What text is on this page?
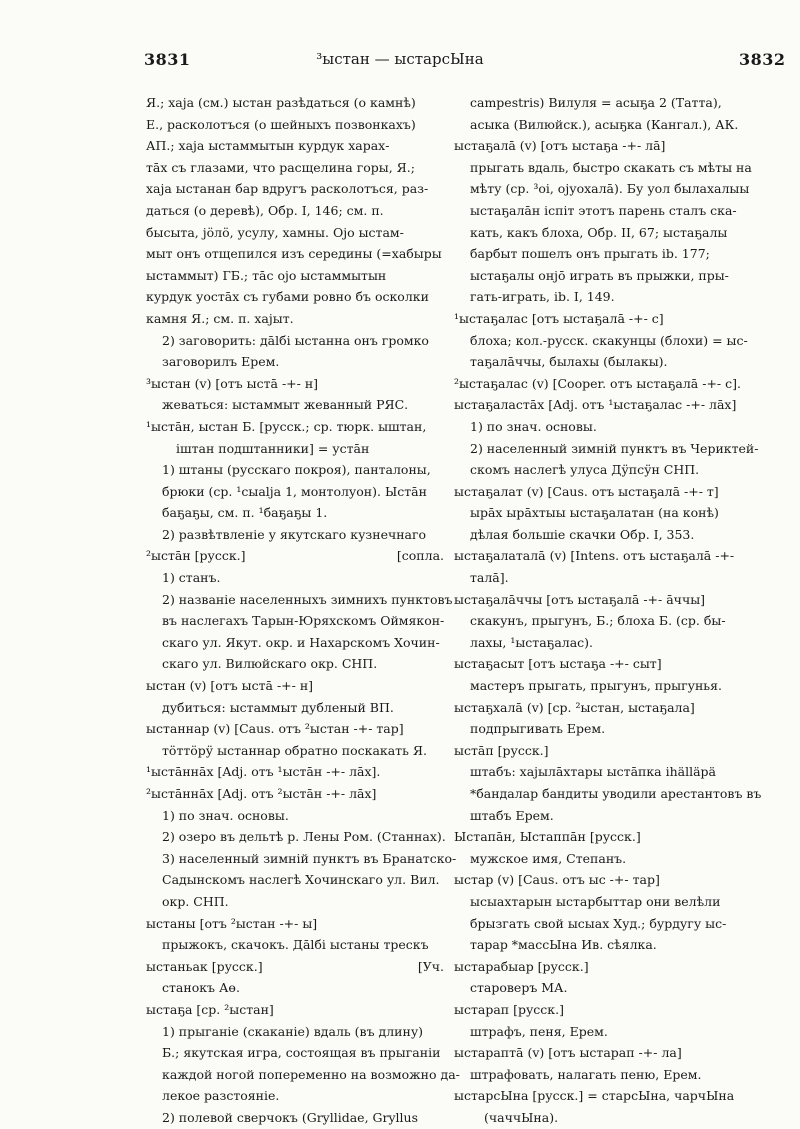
3831	³ыстан — ыстарсЫна	3832
Я.; хаја (см.) ыстан разѣдаться (о камнѣ)
Е., расколотъся (о шейныхъ позвонкахъ)
АП.; хаја ыстаммытын курдук харах-
тāх съ глазами, что расщелина горы, Я.;
хаја ыстанан бар вдругъ расколотъся, раз-
даться (о деревѣ), Обр. I, 146; см. п.
бысыта, јӧлӧ, усулу, хамны. Ојо ыстам-
мыт онъ отщепился изъ середины (=хабыры
ыстаммыт) ГБ.; тāс ојо ыстаммытын
курдук уостāх съ губами ровно бъ осколки
камня Я.; см. п. хајыт.
2) заговорить: дālбi ыстанна онъ громко
заговорилъ Ерем.
³ыстан (v) [отъ ыстā -+- н]
жеваться: ыстаммыт жеванный РЯС.
¹ыстāн, ыстан Б. [русск.; ср. тюрк. ыштан,
іштан подштанники] = устāн
1) штаны (русскаго покроя), панталоны,
брюки (ср. ¹сыаlја 1, монтолуон). Ыстāн
баҕаҕы, см. п. ¹баҕаҕы 1.
2) развѣтвленіе у якутскаго кузнечнаго
²ыстāн [русск.]	[сопла.
1) станъ.
2) названіе населенныхъ зимнихъ пунктовъ
въ наслегахъ Тарын-Юряхскомъ Оймякон-
скаго ул. Якут. окр. и Нахарскомъ Хочин-
скаго ул. Вилюйскаго окр. СНП.
ыстан (v) [отъ ыстā -+- н]
дубиться: ыстаммыт дубленый ВП.
ыстаннар (v) [Caus. отъ ²ыстан -+- тар]
тӧттӧрӱ ыстаннар обратно поскакать Я.
¹ыстāннāх [Adj. отъ ¹ыстāн -+- лāх].
²ыстāннāх [Adj. отъ ²ыстāн -+- лāх]
1) по знач. основы.
2) озеро въ дельтѣ р. Лены Ром. (Станнах).
3) населенный зимній пунктъ въ Бранатско-
Садынскомъ наслегѣ Хочинскаго ул. Вил.
окр. СНП.
ыстаны [отъ ²ыстан -+- ы]
прыжокъ, скачокъ. Дālбi ыстаны трескъ
ыстаньак [русск.]	[Уч.
станокъ Аө.
ыстаҕа [ср. ²ыстан]
1) прыганіе (скаканіе) вдаль (въ длину)
Б.; якутская игра, состоящая въ прыганіи
каждой ногой попеременно на возможно да-
лекое разстояніе.
2) полевой сверчокъ (Gryllidae, Gryllus
campestris) Вилуля = асыҕа 2 (Татта),
асыка (Вилюйск.), асыҕка (Кангал.), АК.
ыстаҕалā (v) [отъ ыстаҕа -+- лā]
прыгать вдаль, быстро скакать съ мѣты на
мѣту (ср. ³оі, ојуохалā). Бу уол былахалыы
ыстаҕалāн іспіт этотъ парень сталъ ска-
кать, какъ блоха, Обр. II, 67; ыстаҕалы
барбыт пошелъ онъ прыгать ib. 177;
ыстаҕалы онјō играть въ прыжки, пры-
гать-играть, ib. I, 149.
¹ыстаҕалас [отъ ыстаҕалā -+- с]
блоха; кол.-русск. скакунцы (блохи) = ыс-
таҕалāччы, былахы (былакы).
²ыстаҕалас (v) [Cooper. отъ ыстаҕалā -+- с].
ыстаҕаластāх [Adj. отъ ¹ыстаҕалас -+- лāх]
1) по знач. основы.
2) населенный зимній пунктъ въ Чериктей-
скомъ наслегѣ улуса Дӱпсӱн СНП.
ыстаҕалат (v) [Caus. отъ ыстаҕалā -+- т]
ырāх ырāхтыы ыстаҕалатан (на конѣ)
дѣлая большіе скачки Обр. I, 353.
ыстаҕалаталā (v) [Intens. отъ ыстаҕалā -+-
талā].
ыстаҕалāччы [отъ ыстаҕалā -+- āччы]
скакунъ, прыгунъ, Б.; блоха Б. (ср. бы-
лахы, ¹ыстаҕалас).
ыстаҕасыт [отъ ыстаҕа -+- сыт]
мастеръ прыгать, прыгунъ, прыгунья.
ыстаҕхалā (v) [ср. ²ыстан, ыстаҕала]
подпрыгивать Ерем.
ыстāп [русск.]
штабъ: хајылāхтары ыстāпка іһälläрä
*бандалар бандиты уводили арестантовъ въ
штабъ Ерем.
Ыстапāн, Ыстаппāн [русск.]
мужское имя, Степанъ.
ыстар (v) [Caus. отъ ыс -+- тар]
ысыахтарын ыстарбыттар они велѣли
брызгать свой ысыах Худ.; бурдугу ыс-
тарар *массЫна Ив. сѣялка.
ыстарабыар [русск.]
староверъ МА.
ыстарап [русск.]
штрафъ, пеня, Ерем.
ыстараптā (v) [отъ ыстарап -+- ла]
штрафовать, налагать пеню, Ерем.
ыстарсЫна [русск.] = старсЫна, чарчЫна
(чаччЫна).
